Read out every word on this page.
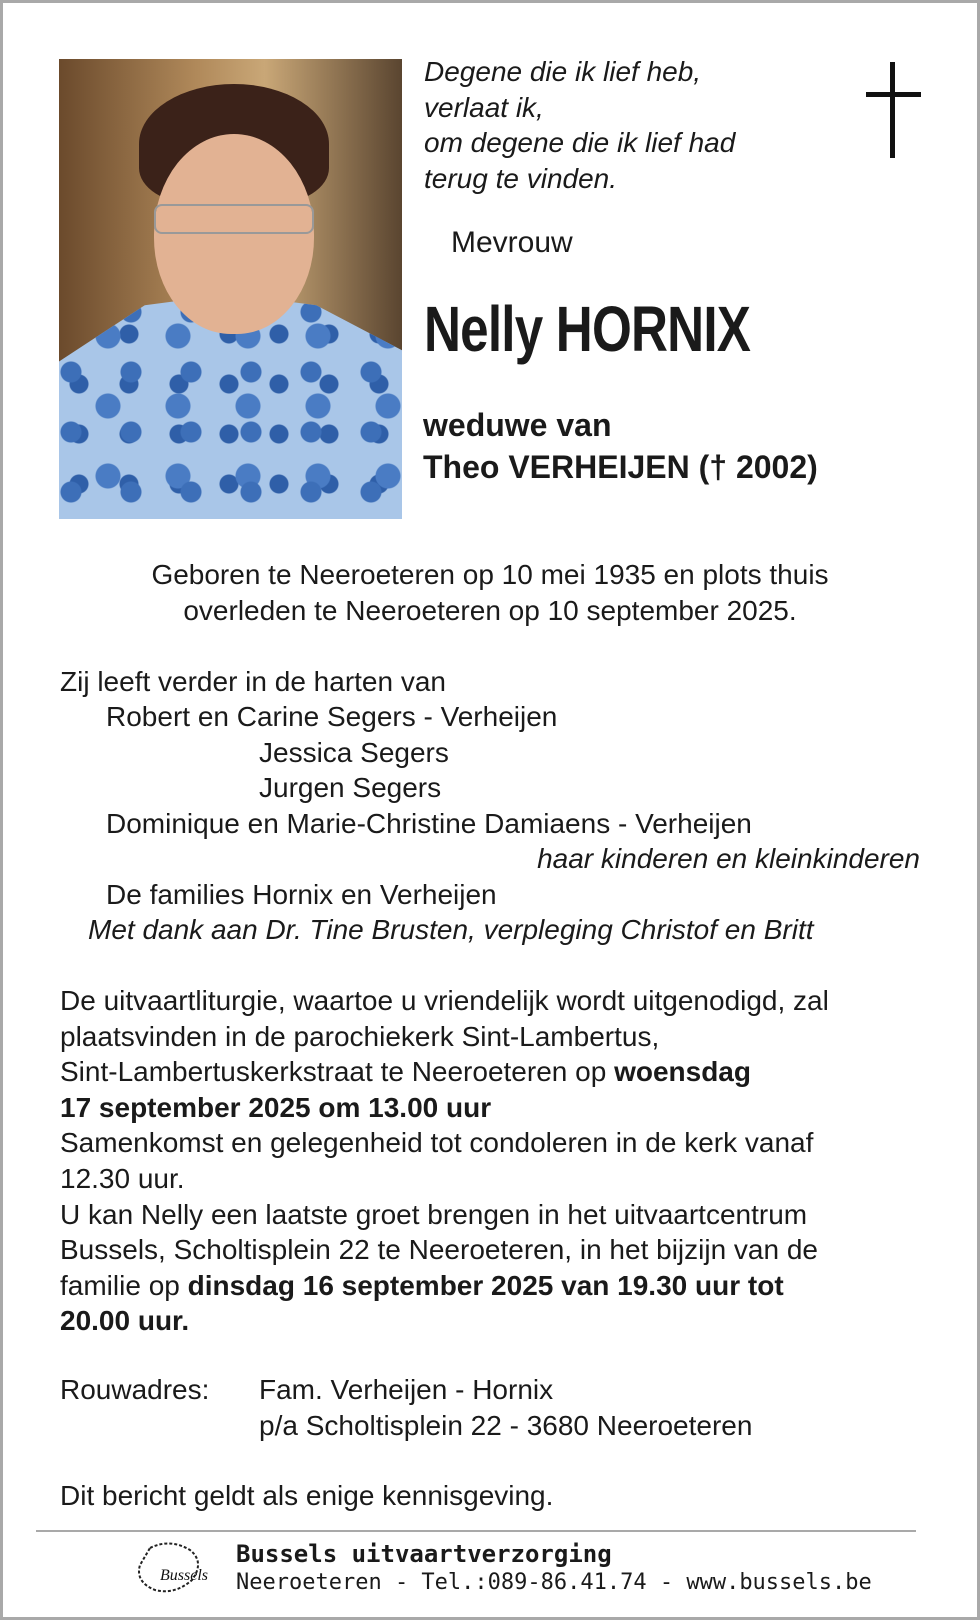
Degene die ik lief heb,
verlaat ik,
om degene die ik lief had
terug te vinden.
Mevrouw
Nelly HORNIX
weduwe van
Theo VERHEIJEN († 2002)
Geboren te Neeroeteren op 10 mei 1935 en plots thuis
overleden te Neeroeteren op 10 september 2025.
Zij leeft verder in de harten van
Robert en Carine Segers - Verheijen
Jessica Segers
Jurgen Segers
Dominique en Marie-Christine Damiaens - Verheijen
haar kinderen en kleinkinderen
De families Hornix en Verheijen
Met dank aan Dr. Tine Brusten, verpleging Christof en Britt
De uitvaartliturgie, waartoe u vriendelijk wordt uitgenodigd, zal
plaatsvinden in de parochiekerk Sint-Lambertus,
Sint-Lambertuskerkstraat te Neeroeteren op woensdag
17 september 2025 om 13.00 uur
Samenkomst en gelegenheid tot condoleren in de kerk vanaf
12.30 uur.
U kan Nelly een laatste groet brengen in het uitvaartcentrum
Bussels, Scholtisplein 22 te Neeroeteren, in het bijzijn van de
familie op dinsdag 16 september 2025 van 19.30 uur tot
20.00 uur.
Rouwadres: Fam. Verheijen - Hornix
p/a Scholtisplein 22 - 3680 Neeroeteren
Dit bericht geldt als enige kennisgeving.
Bussels
Bussels uitvaartverzorging
Neeroeteren - Tel.:089-86.41.74 - www.bussels.be
